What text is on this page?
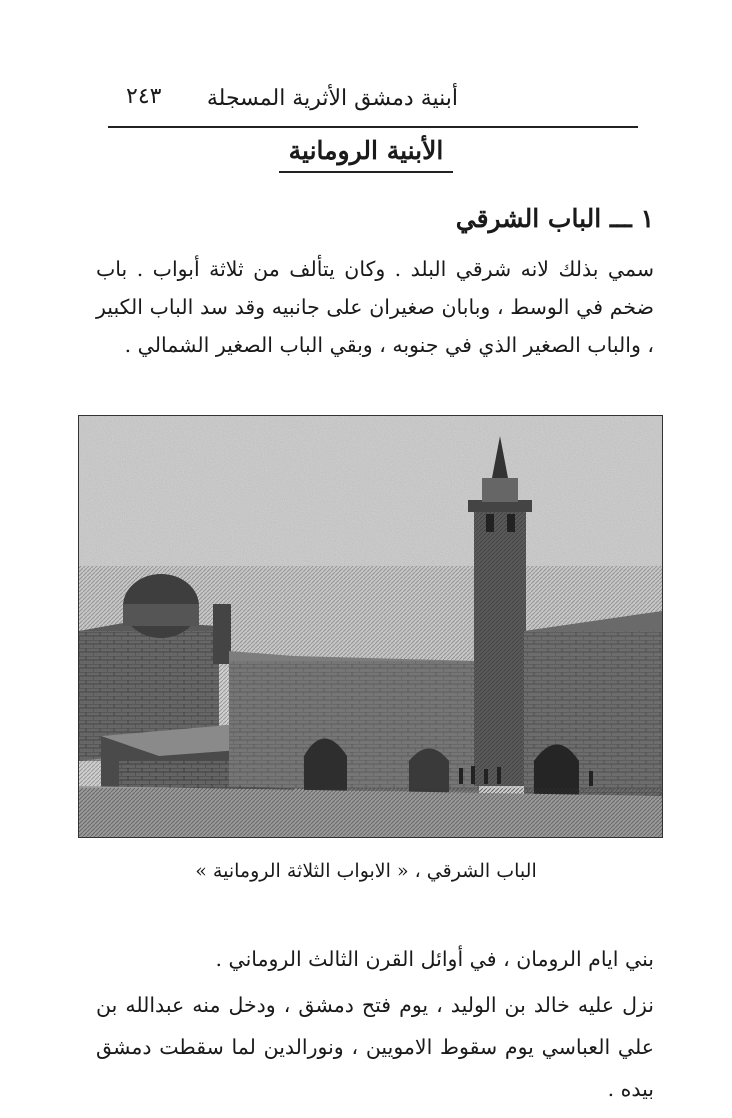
أبنية دمشق الأثرية المسجلة
٢٤٣
الأبنية الرومانية
١ ـــ الباب الشرقي
سمي بذلك لانه شرقي البلد . وكان يتألف من ثلاثة أبواب . باب ضخم في الوسط ، وبابان صغيران على جانبيه وقد سد الباب الكبير ، والباب الصغير الذي في جنوبه ، وبقي الباب الصغير الشمالي .
الباب الشرقي ، « الابواب الثلاثة الرومانية »
بني ايام الرومان ، في أوائل القرن الثالث الروماني .
نزل عليه خالد بن الوليد ، يوم فتح دمشق ، ودخل منه عبدالله بن علي العباسي يوم سقوط الامويين ، ونورالدين لما سقطت دمشق بيده .
